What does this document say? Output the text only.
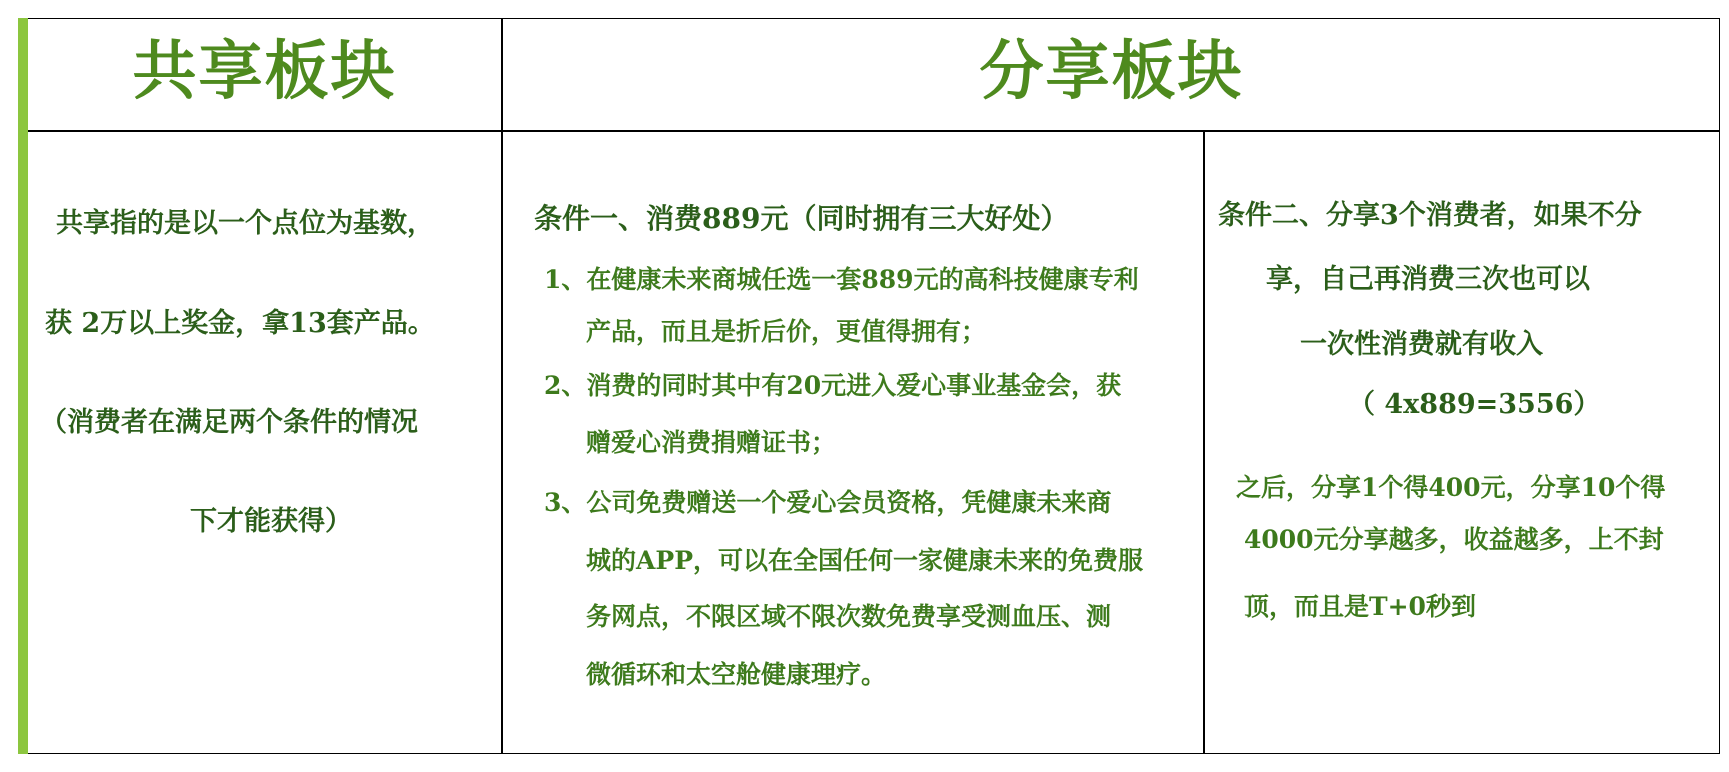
共享板块	分享板块
共享指的是以一个点位为基数，
获 2万以上奖金，拿13套产品。
（消费者在满足两个条件的情况
下才能获得）
条件一、消费889元（同时拥有三大好处）
1、在健康未来商城任选一套889元的高科技健康专利
产品，而且是折后价，更值得拥有；
2、消费的同时其中有20元进入爱心事业基金会，获
赠爱心消费捐赠证书；
3、公司免费赠送一个爱心会员资格，凭健康未来商
城的APP，可以在全国任何一家健康未来的免费服
务网点，不限区域不限次数免费享受测血压、测
微循环和太空舱健康理疗。
条件二、分享3个消费者，如果不分
享，自己再消费三次也可以
一次性消费就有收入
（ 4x889=3556）
之后，分享1个得400元，分享10个得
4000元分享越多，收益越多，上不封
顶，而且是T+0秒到
